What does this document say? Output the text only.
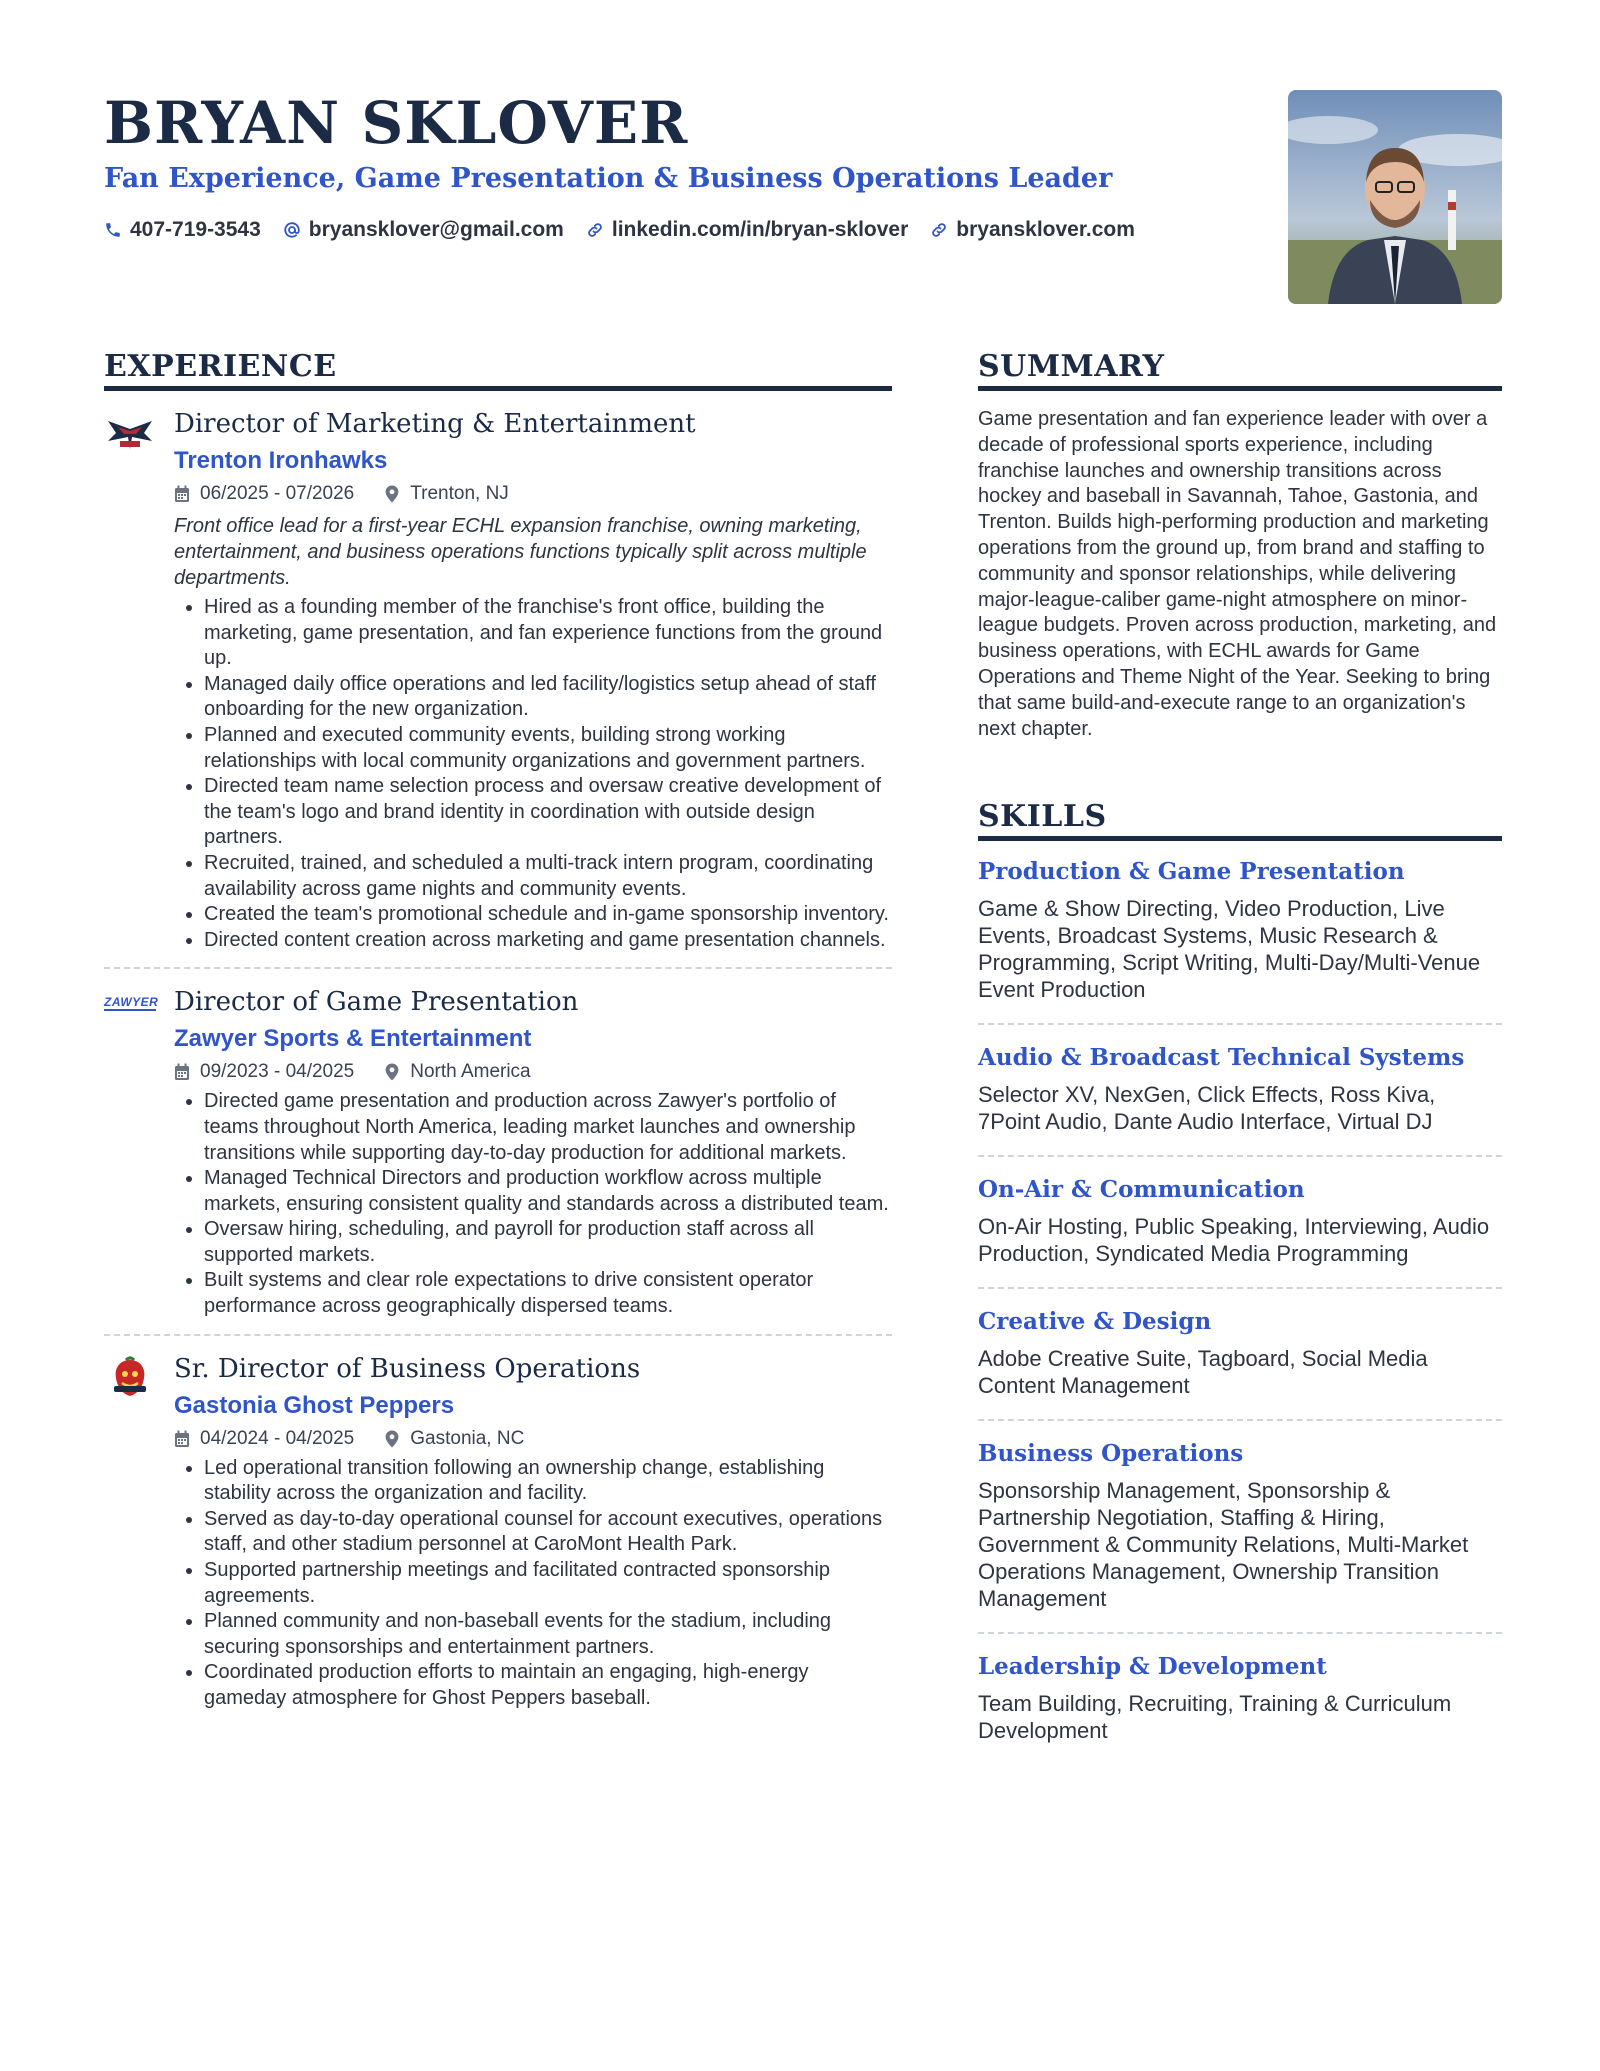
BRYAN SKLOVER
Fan Experience, Game Presentation & Business Operations Leader
407-719-3543 bryansklover@gmail.com linkedin.com/in/bryan-sklover bryansklover.com
EXPERIENCE
Director of Marketing & Entertainment
Trenton Ironhawks
06/2025 - 07/2026	Trenton, NJ
Front office lead for a first-year ECHL expansion franchise, owning marketing, entertainment, and business operations functions typically split across multiple departments.
• Hired as a founding member of the franchise's front office, building the marketing, game presentation, and fan experience functions from the ground up.
• Managed daily office operations and led facility/logistics setup ahead of staff onboarding for the new organization.
• Planned and executed community events, building strong working relationships with local community organizations and government partners.
• Directed team name selection process and oversaw creative development of the team's logo and brand identity in coordination with outside design partners.
• Recruited, trained, and scheduled a multi-track intern program, coordinating availability across game nights and community events.
• Created the team's promotional schedule and in-game sponsorship inventory.
• Directed content creation across marketing and game presentation channels.
ZAWYER Director of Game Presentation
Zawyer Sports & Entertainment
09/2023 - 04/2025	North America
• Directed game presentation and production across Zawyer's portfolio of teams throughout North America, leading market launches and ownership transitions while supporting day-to-day production for additional markets.
• Managed Technical Directors and production workflow across multiple markets, ensuring consistent quality and standards across a distributed team.
• Oversaw hiring, scheduling, and payroll for production staff across all supported markets.
• Built systems and clear role expectations to drive consistent operator performance across geographically dispersed teams.
Sr. Director of Business Operations
Gastonia Ghost Peppers
04/2024 - 04/2025	Gastonia, NC
• Led operational transition following an ownership change, establishing stability across the organization and facility.
• Served as day-to-day operational counsel for account executives, operations staff, and other stadium personnel at CaroMont Health Park.
• Supported partnership meetings and facilitated contracted sponsorship agreements.
• Planned community and non-baseball events for the stadium, including securing sponsorships and entertainment partners.
• Coordinated production efforts to maintain an engaging, high-energy gameday atmosphere for Ghost Peppers baseball.
SUMMARY
Game presentation and fan experience leader with over a decade of professional sports experience, including franchise launches and ownership transitions across hockey and baseball in Savannah, Tahoe, Gastonia, and Trenton. Builds high-performing production and marketing operations from the ground up, from brand and staffing to community and sponsor relationships, while delivering major-league-caliber game-night atmosphere on minor-league budgets. Proven across production, marketing, and business operations, with ECHL awards for Game Operations and Theme Night of the Year. Seeking to bring that same build-and-execute range to an organization's next chapter.
SKILLS
Production & Game Presentation
Game & Show Directing, Video Production, Live Events, Broadcast Systems, Music Research & Programming, Script Writing, Multi-Day/Multi-Venue Event Production
Audio & Broadcast Technical Systems
Selector XV, NexGen, Click Effects, Ross Kiva, 7Point Audio, Dante Audio Interface, Virtual DJ
On-Air & Communication
On-Air Hosting, Public Speaking, Interviewing, Audio Production, Syndicated Media Programming
Creative & Design
Adobe Creative Suite, Tagboard, Social Media Content Management
Business Operations
Sponsorship Management, Sponsorship & Partnership Negotiation, Staffing & Hiring, Government & Community Relations, Multi-Market Operations Management, Ownership Transition Management
Leadership & Development
Team Building, Recruiting, Training & Curriculum Development
